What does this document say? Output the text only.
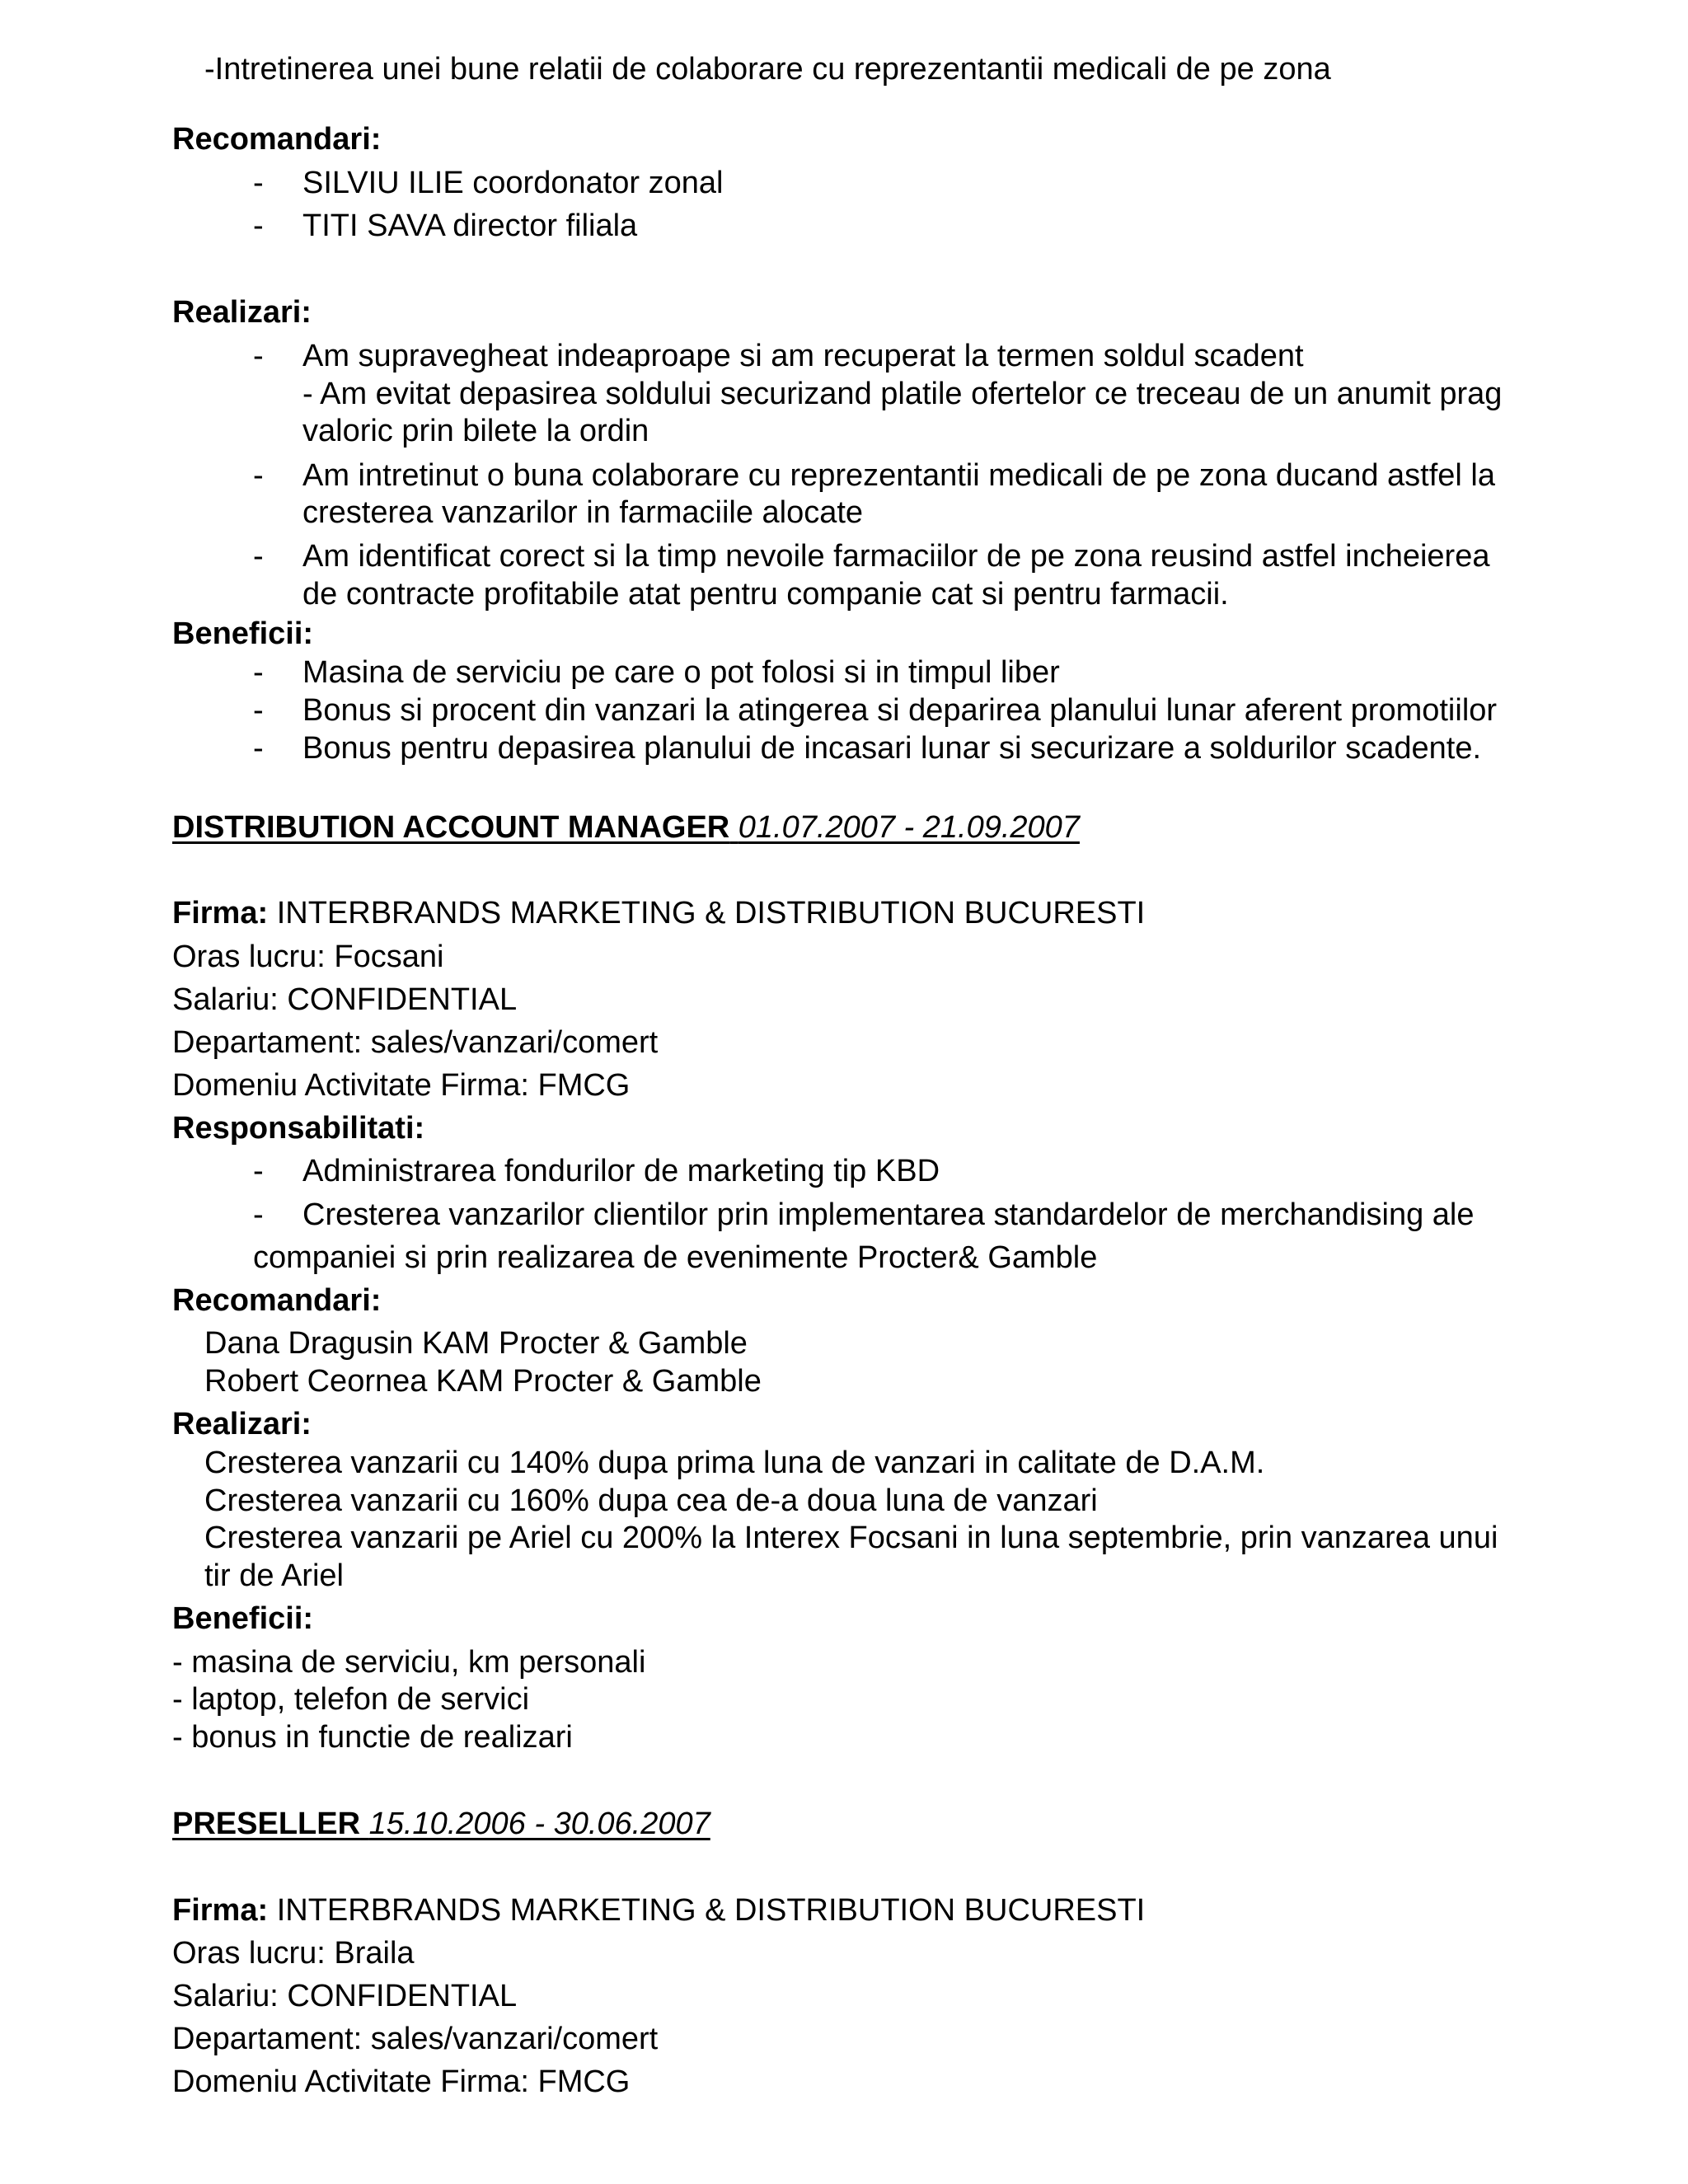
-Intretinerea unei bune relatii de colaborare cu reprezentantii medicali de pe zona
Recomandari:
- SILVIU ILIE coordonator zonal
- TITI SAVA director filiala
Realizari:
- Am supravegheat indeaproape si am recuperat la termen soldul scadent
- Am evitat depasirea soldului securizand platile ofertelor ce treceau de un anumit prag
valoric prin bilete la ordin
- Am intretinut o buna colaborare cu reprezentantii medicali de pe zona ducand astfel la
cresterea vanzarilor in farmaciile alocate
- Am identificat corect si la timp nevoile farmaciilor de pe zona reusind astfel incheierea
de contracte profitabile atat pentru companie cat si pentru farmacii.
Beneficii:
- Masina de serviciu pe care o pot folosi si in timpul liber
- Bonus si procent din vanzari la atingerea si deparirea planului lunar aferent promotiilor
- Bonus pentru depasirea planului de incasari lunar si securizare a soldurilor scadente.
DISTRIBUTION ACCOUNT MANAGER 01.07.2007 - 21.09.2007
Firma: INTERBRANDS MARKETING & DISTRIBUTION BUCURESTI
Oras lucru: Focsani
Salariu: CONFIDENTIAL
Departament: sales/vanzari/comert
Domeniu Activitate Firma: FMCG
Responsabilitati:
- Administrarea fondurilor de marketing tip KBD
- Cresterea vanzarilor clientilor prin implementarea standardelor de merchandising ale
companiei si prin realizarea de evenimente Procter& Gamble
Recomandari:
Dana Dragusin KAM Procter & Gamble
Robert Ceornea KAM Procter & Gamble
Realizari:
Cresterea vanzarii cu 140% dupa prima luna de vanzari in calitate de D.A.M.
Cresterea vanzarii cu 160% dupa cea de-a doua luna de vanzari
Cresterea vanzarii pe Ariel cu 200% la Interex Focsani in luna septembrie, prin vanzarea unui
tir de Ariel
Beneficii:
- masina de serviciu, km personali
- laptop, telefon de servici
- bonus in functie de realizari
PRESELLER 15.10.2006 - 30.06.2007
Firma: INTERBRANDS MARKETING & DISTRIBUTION BUCURESTI
Oras lucru: Braila
Salariu: CONFIDENTIAL
Departament: sales/vanzari/comert
Domeniu Activitate Firma: FMCG
